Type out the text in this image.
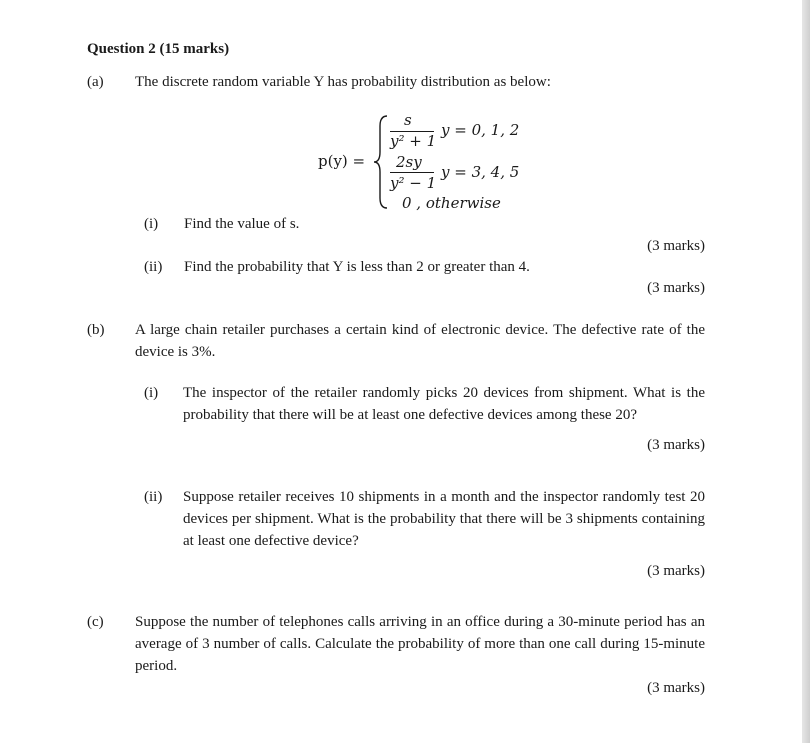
Question 2 (15 marks)
(a) The discrete random variable Y has probability distribution as below:
p(y) =
s
y² + 1
y = 0, 1, 2
2sy
y² − 1
y = 3, 4, 5
0 , otherwise
(i) Find the value of s.
(3 marks)
(ii) Find the probability that Y is less than 2 or greater than 4.
(3 marks)
(b) A large chain retailer purchases a certain kind of electronic device. The defective rate of the device is 3%.
(i) The inspector of the retailer randomly picks 20 devices from shipment. What is the probability that there will be at least one defective devices among these 20?
(3 marks)
(ii) Suppose retailer receives 10 shipments in a month and the inspector randomly test 20 devices per shipment. What is the probability that there will be 3 shipments containing at least one defective device?
(3 marks)
(c) Suppose the number of telephones calls arriving in an office during a 30-minute period has an average of 3 number of calls. Calculate the probability of more than one call during 15-minute period.
(3 marks)
